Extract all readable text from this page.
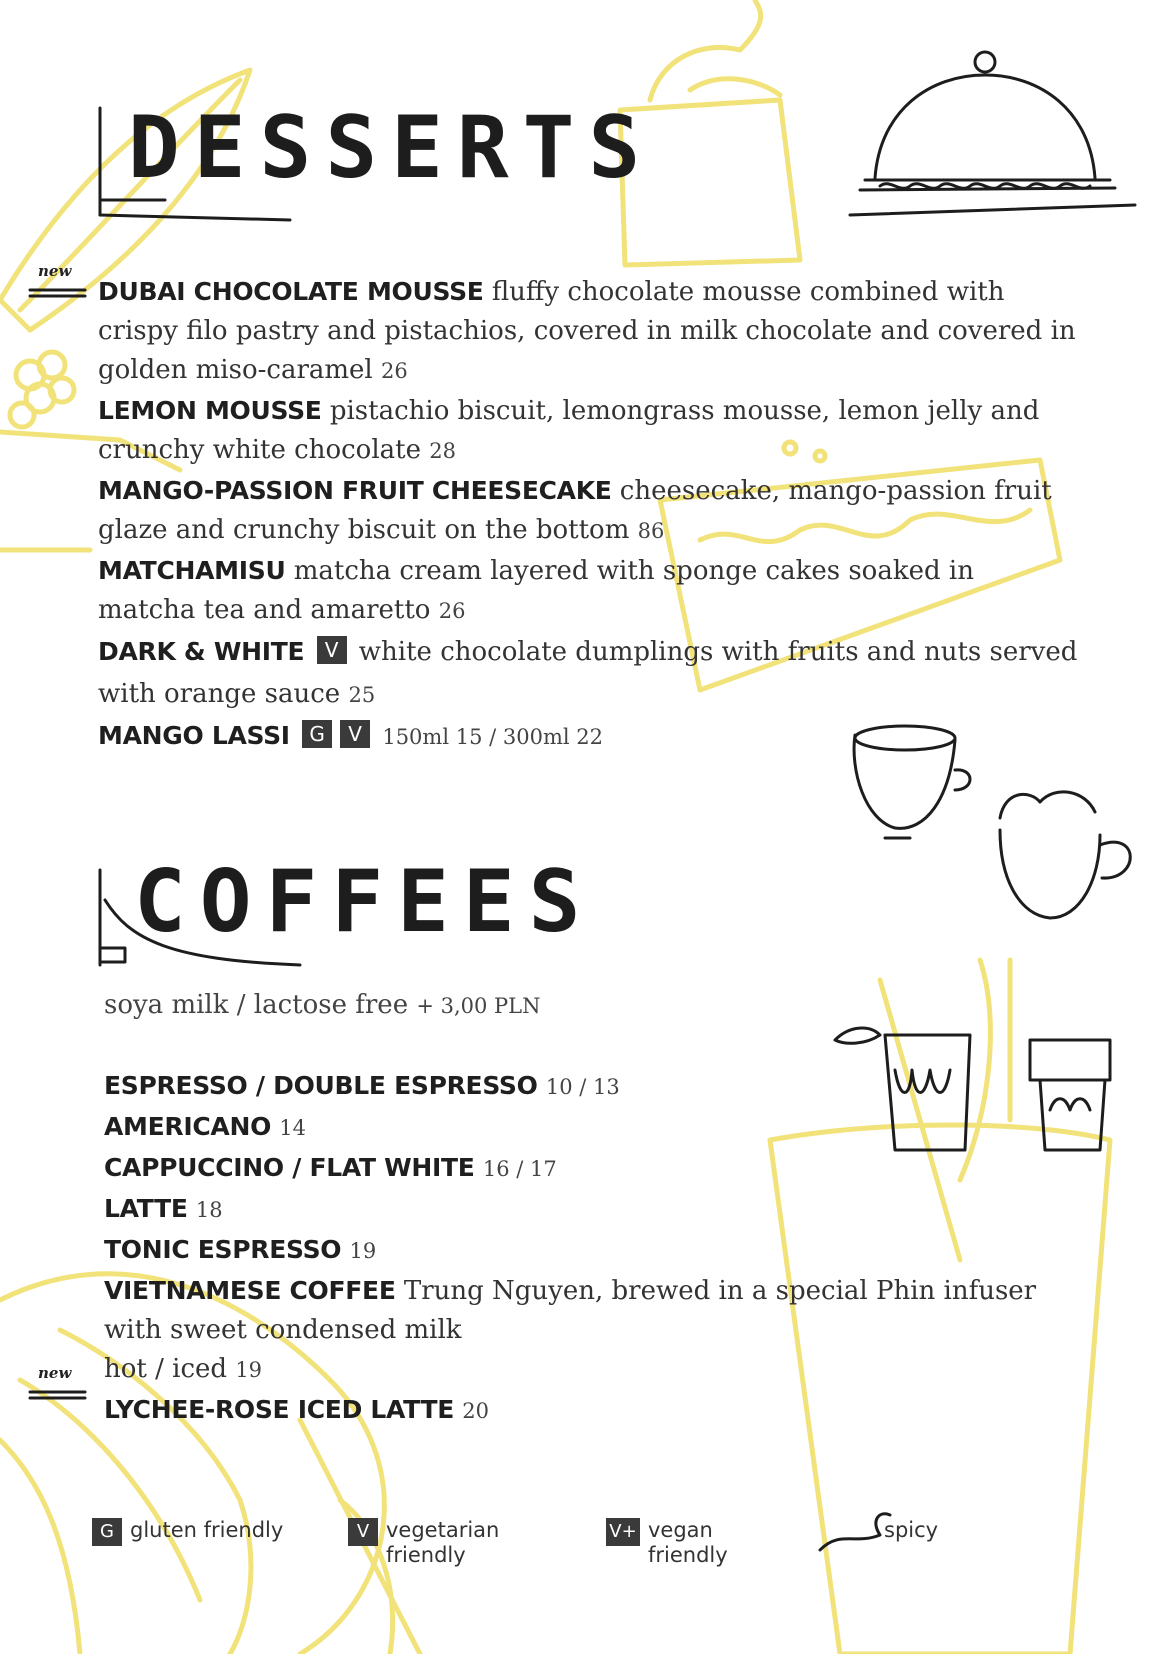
DESSERTS
new

DUBAI CHOCOLATE MOUSSE fluffy chocolate mousse combined with crispy filo pastry and pistachios, covered in milk chocolate and covered in golden miso-caramel 26

LEMON MOUSSE pistachio biscuit, lemongrass mousse, lemon jelly and crunchy white chocolate 28

MANGO-PASSION FRUIT CHEESECAKE cheesecake, mango-passion fruit glaze and crunchy biscuit on the bottom 86

MATCHAMISU matcha cream layered with sponge cakes soaked in matcha tea and amaretto 26

DARK & WHITE V white chocolate dumplings with fruits and nuts served with orange sauce 25

MANGO LASSI G V 150ml 15 / 300ml 22

COFFEES
soya milk / lactose free + 3,00 PLN

ESPRESSO / DOUBLE ESPRESSO 10 / 13

AMERICANO 14

CAPPUCCINO / FLAT WHITE 16 / 17

LATTE 18

TONIC ESPRESSO 19

VIETNAMESE COFFEE Trung Nguyen, brewed in a special Phin infuser with sweet condensed milk
hot / iced 19

LYCHEE-ROSE ICED LATTE 20

new
G gluten friendly	V vegetarian
friendly
V+ vegan
friendly
spicy
